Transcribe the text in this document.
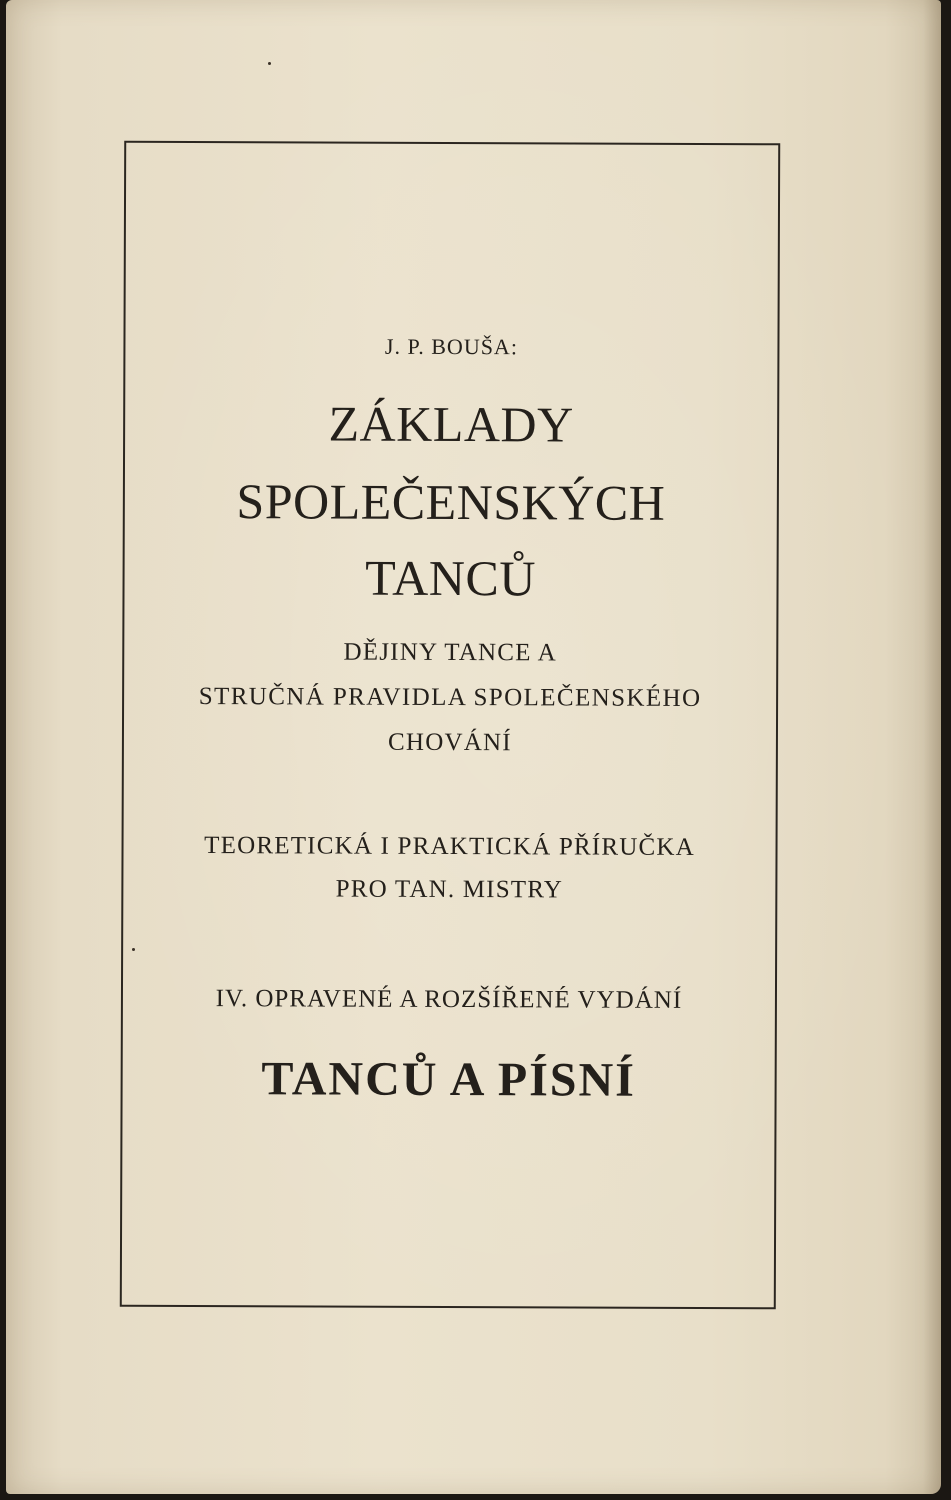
J. P. BOUŠA:
ZÁKLADY
SPOLEČENSKÝCH
TANCŮ
DĚJINY TANCE A
STRUČNÁ PRAVIDLA SPOLEČENSKÉHO
CHOVÁNÍ
TEORETICKÁ I PRAKTICKÁ PŘÍRUČKA
PRO TAN. MISTRY
IV. OPRAVENÉ A ROZŠÍŘENÉ VYDÁNÍ
TANCŮ A PÍSNÍ
